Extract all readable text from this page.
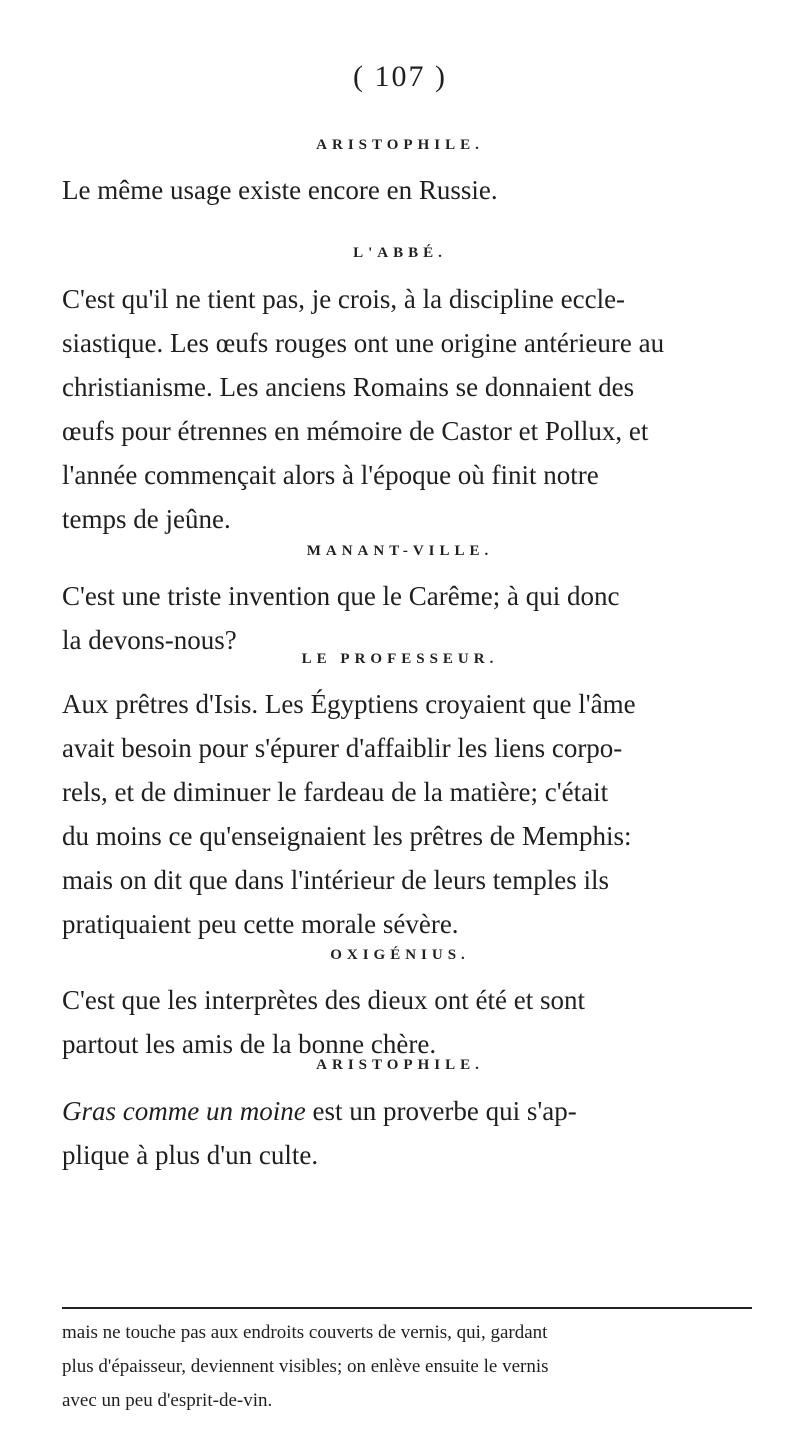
( 107 )
ARISTOPHILE.
Le même usage existe encore en Russie.
L'ABBÉ.
C'est qu'il ne tient pas, je crois, à la discipline eccle-
siastique. Les œufs rouges ont une origine antérieure au
christianisme. Les anciens Romains se donnaient des
œufs pour étrennes en mémoire de Castor et Pollux, et
l'année commençait alors à l'époque où finit notre
temps de jeûne.
MANANT-VILLE.
C'est une triste invention que le Carême; à qui donc
la devons-nous?
LE PROFESSEUR.
Aux prêtres d'Isis. Les Égyptiens croyaient que l'âme
avait besoin pour s'épurer d'affaiblir les liens corpo-
rels, et de diminuer le fardeau de la matière; c'était
du moins ce qu'enseignaient les prêtres de Memphis:
mais on dit que dans l'intérieur de leurs temples ils
pratiquaient peu cette morale sévère.
OXIGÉNIUS.
C'est que les interprètes des dieux ont été et sont
partout les amis de la bonne chère.
ARISTOPHILE.
Gras comme un moine est un proverbe qui s'ap-
plique à plus d'un culte.
mais ne touche pas aux endroits couverts de vernis, qui, gardant
plus d'épaisseur, deviennent visibles; on enlève ensuite le vernis
avec un peu d'esprit-de-vin.
